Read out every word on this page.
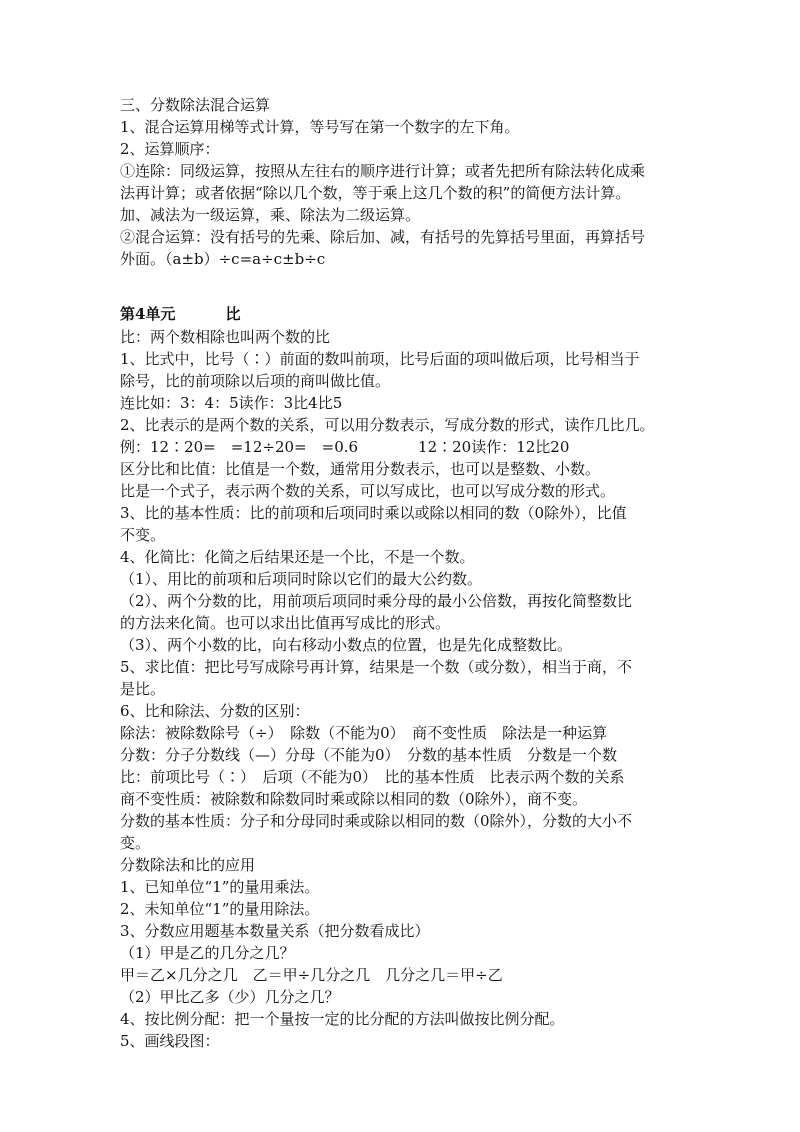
三、分数除法混合运算
1、混合运算用梯等式计算，等号写在第一个数字的左下角。
2、运算顺序：
①连除：同级运算，按照从左往右的顺序进行计算；或者先把所有除法转化成乘
法再计算；或者依据“除以几个数，等于乘上这几个数的积”的简便方法计算。
加、减法为一级运算，乘、除法为二级运算。
②混合运算：没有括号的先乘、除后加、减，有括号的先算括号里面，再算括号
外面。（a±b）÷c=a÷c±b÷c
第4单元	比
比：两个数相除也叫两个数的比
1、比式中，比号（∶）前面的数叫前项，比号后面的项叫做后项，比号相当于
除号，比的前项除以后项的商叫做比值。
连比如：3：4：5读作：3比4比5
2、比表示的是两个数的关系，可以用分数表示，写成分数的形式，读作几比几。
例：12∶20=　=12÷20=　=0.6　　　　12∶20读作：12比20
区分比和比值：比值是一个数，通常用分数表示，也可以是整数、小数。
比是一个式子，表示两个数的关系，可以写成比，也可以写成分数的形式。
3、比的基本性质：比的前项和后项同时乘以或除以相同的数（0除外），比值
不变。
4、化简比：化简之后结果还是一个比，不是一个数。
（1）、用比的前项和后项同时除以它们的最大公约数。
（2）、两个分数的比，用前项后项同时乘分母的最小公倍数，再按化简整数比
的方法来化简。也可以求出比值再写成比的形式。
（3）、两个小数的比，向右移动小数点的位置，也是先化成整数比。
5、求比值：把比号写成除号再计算，结果是一个数（或分数），相当于商，不
是比。
6、比和除法、分数的区别：
除法：被除数除号（÷）　除数（不能为0）　商不变性质　除法是一种运算
分数：分子分数线（—）分母（不能为0）　分数的基本性质　分数是一个数
比：前项比号（∶）　后项（不能为0）　比的基本性质　比表示两个数的关系
商不变性质：被除数和除数同时乘或除以相同的数（0除外），商不变。
分数的基本性质：分子和分母同时乘或除以相同的数（0除外），分数的大小不
变。
分数除法和比的应用
1、已知单位“1”的量用乘法。
2、未知单位“1”的量用除法。
3、分数应用题基本数量关系（把分数看成比）
（1）甲是乙的几分之几？
甲＝乙×几分之几　乙＝甲÷几分之几　几分之几＝甲÷乙
（2）甲比乙多（少）几分之几？
4、按比例分配：把一个量按一定的比分配的方法叫做按比例分配。
5、画线段图：
